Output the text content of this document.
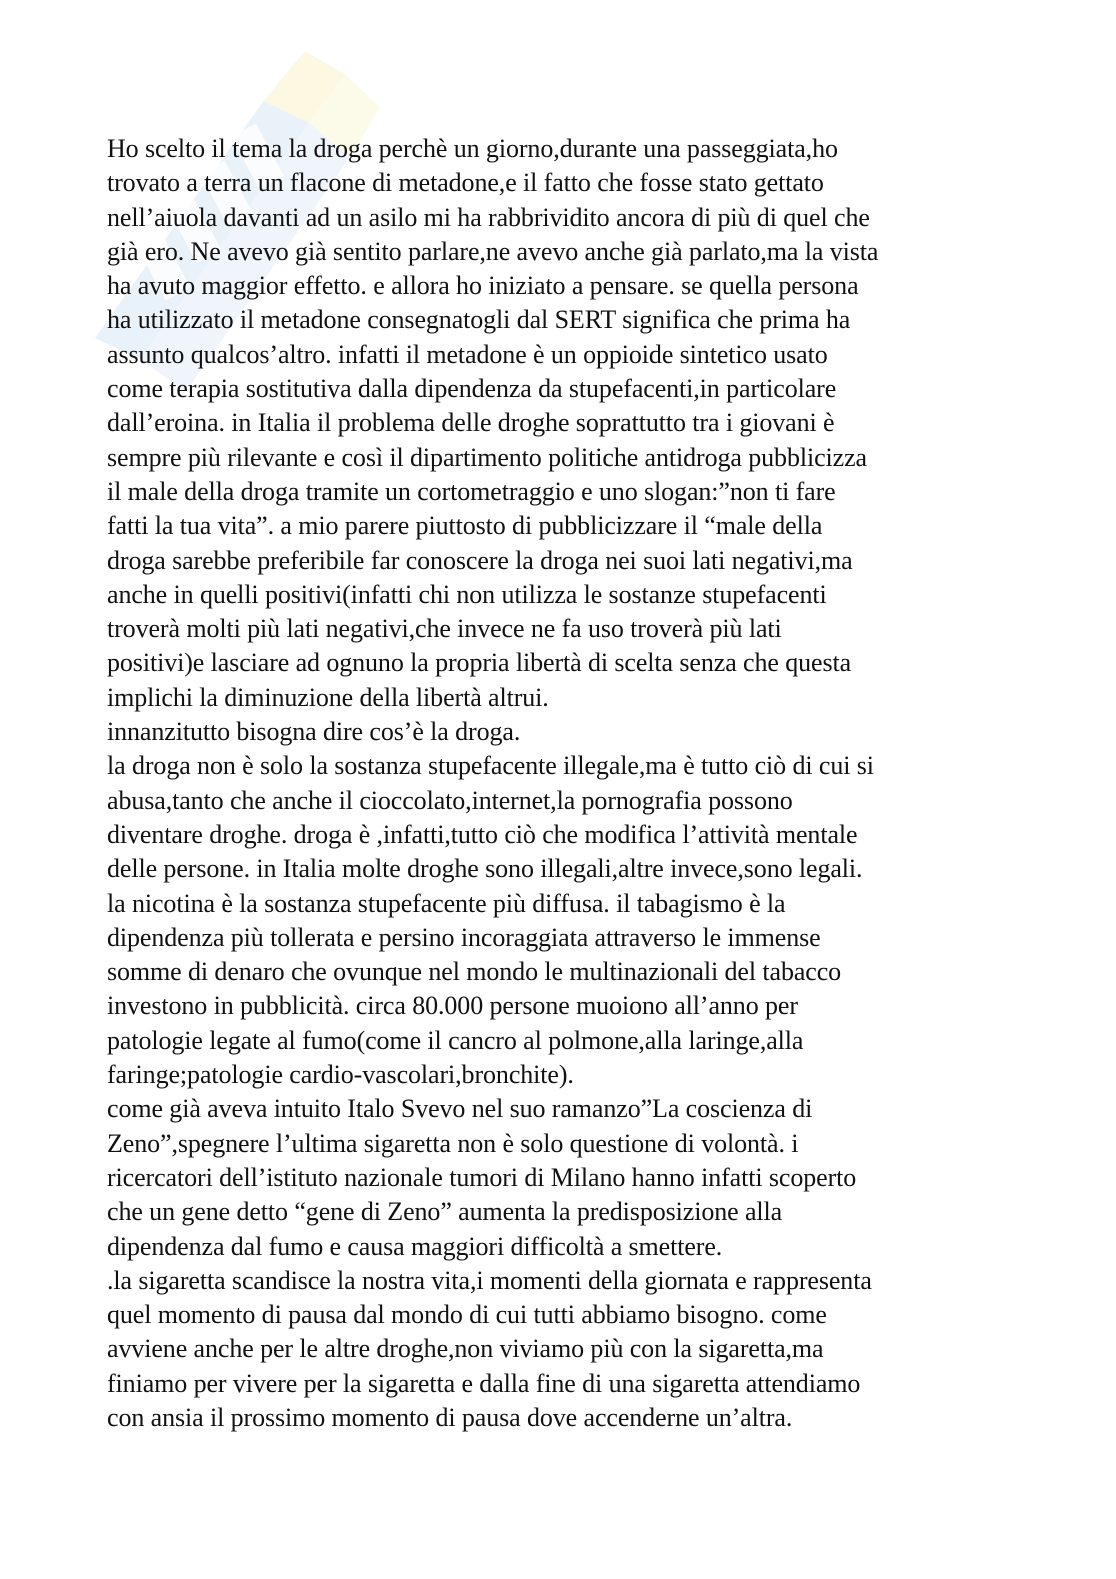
Ho scelto il tema la droga perchè un giorno,durante una passeggiata,ho
trovato a terra un flacone di metadone,e il fatto che fosse stato gettato
nell’aiuola davanti ad un asilo mi ha rabbrividito ancora di più di quel che
già ero. Ne avevo già sentito parlare,ne avevo anche già parlato,ma la vista
ha avuto maggior effetto. e allora ho iniziato a pensare. se quella persona
ha utilizzato il metadone consegnatogli dal SERT significa che prima ha
assunto qualcos’altro. infatti il metadone è un oppioide sintetico usato
come terapia sostitutiva dalla dipendenza da stupefacenti,in particolare
dall’eroina. in Italia il problema delle droghe soprattutto tra i giovani è
sempre più rilevante e così il dipartimento politiche antidroga pubblicizza
il male della droga tramite un cortometraggio e uno slogan:”non ti fare
fatti la tua vita”. a mio parere piuttosto di pubblicizzare il “male della
droga sarebbe preferibile far conoscere la droga nei suoi lati negativi,ma
anche in quelli positivi(infatti chi non utilizza le sostanze stupefacenti
troverà molti più lati negativi,che invece ne fa uso troverà più lati
positivi)e lasciare ad ognuno la propria libertà di scelta senza che questa
implichi la diminuzione della libertà altrui.
innanzitutto bisogna dire cos’è la droga.
la droga non è solo la sostanza stupefacente illegale,ma è tutto ciò di cui si
abusa,tanto che anche il cioccolato,internet,la pornografia possono
diventare droghe. droga è ,infatti,tutto ciò che modifica l’attività mentale
delle persone. in Italia molte droghe sono illegali,altre invece,sono legali.
la nicotina è la sostanza stupefacente più diffusa. il tabagismo è la
dipendenza più tollerata e persino incoraggiata attraverso le immense
somme di denaro che ovunque nel mondo le multinazionali del tabacco
investono in pubblicità. circa 80.000 persone muoiono all’anno per
patologie legate al fumo(come il cancro al polmone,alla laringe,alla
faringe;patologie cardio-vascolari,bronchite).
come già aveva intuito Italo Svevo nel suo ramanzo”La coscienza di
Zeno”,spegnere l’ultima sigaretta non è solo questione di volontà. i
ricercatori dell’istituto nazionale tumori di Milano hanno infatti scoperto
che un gene detto “gene di Zeno” aumenta la predisposizione alla
dipendenza dal fumo e causa maggiori difficoltà a smettere.
.la sigaretta scandisce la nostra vita,i momenti della giornata e rappresenta
quel momento di pausa dal mondo di cui tutti abbiamo bisogno. come
avviene anche per le altre droghe,non viviamo più con la sigaretta,ma
finiamo per vivere per la sigaretta e dalla fine di una sigaretta attendiamo
con ansia il prossimo momento di pausa dove accenderne un’altra.
